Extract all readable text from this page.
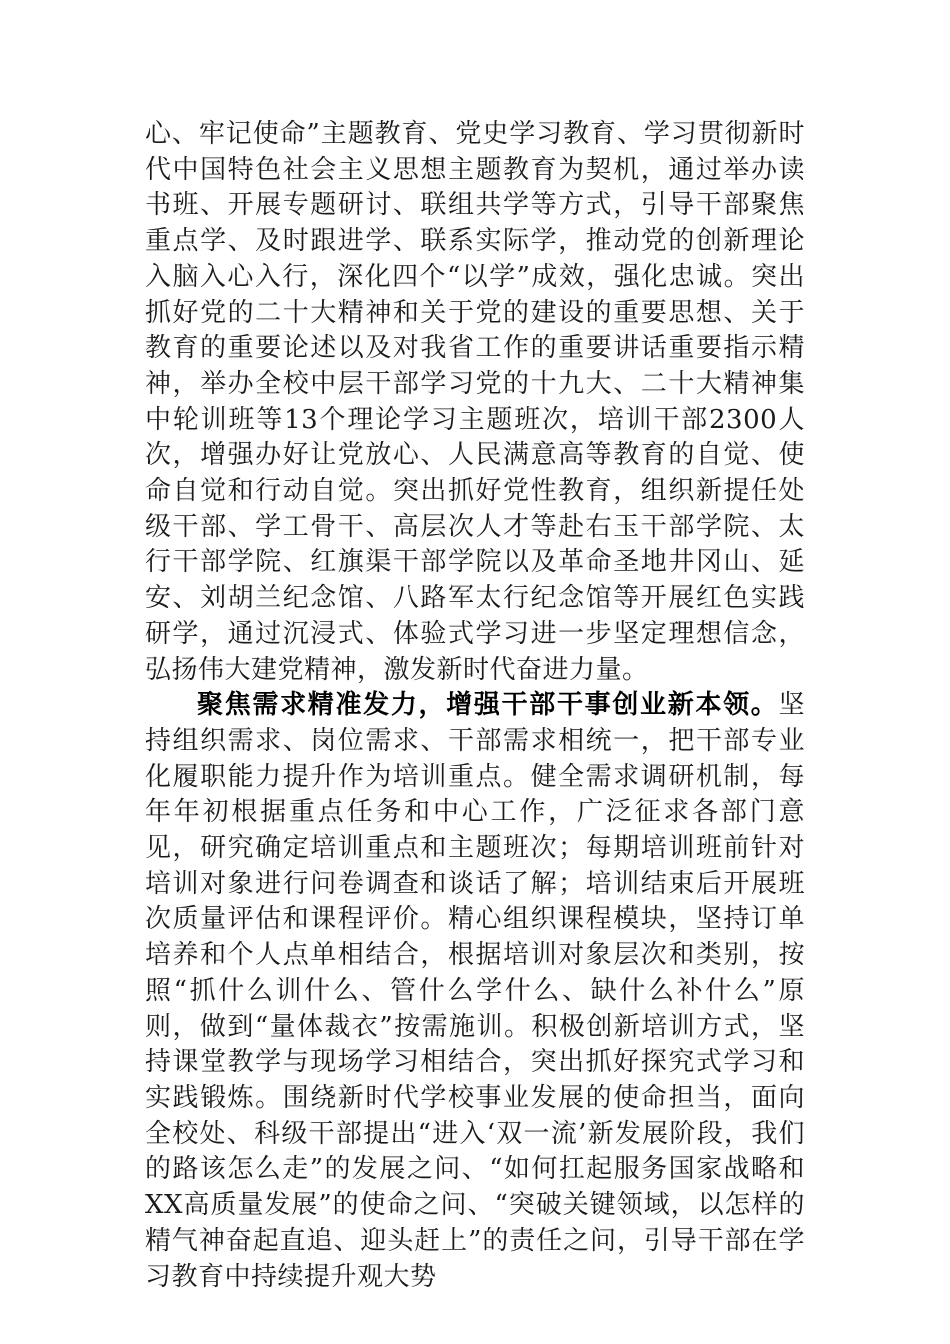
心、牢记使命”主题教育、党史学习教育、学习贯彻新时代中国特色社会主义思想主题教育为契机，通过举办读书班、开展专题研讨、联组共学等方式，引导干部聚焦重点学、及时跟进学、联系实际学，推动党的创新理论入脑入心入行，深化四个“以学”成效，强化忠诚。突出抓好党的二十大精神和关于党的建设的重要思想、关于教育的重要论述以及对我省工作的重要讲话重要指示精神，举办全校中层干部学习党的十九大、二十大精神集中轮训班等13个理论学习主题班次，培训干部2300人次，增强办好让党放心、人民满意高等教育的自觉、使命自觉和行动自觉。突出抓好党性教育，组织新提任处级干部、学工骨干、高层次人才等赴右玉干部学院、太行干部学院、红旗渠干部学院以及革命圣地井冈山、延安、刘胡兰纪念馆、八路军太行纪念馆等开展红色实践研学，通过沉浸式、体验式学习进一步坚定理想信念，弘扬伟大建党精神，激发新时代奋进力量。

聚焦需求精准发力，增强干部干事创业新本领。坚持组织需求、岗位需求、干部需求相统一，把干部专业化履职能力提升作为培训重点。健全需求调研机制，每年年初根据重点任务和中心工作，广泛征求各部门意见，研究确定培训重点和主题班次；每期培训班前针对培训对象进行问卷调查和谈话了解；培训结束后开展班次质量评估和课程评价。精心组织课程模块，坚持订单培养和个人点单相结合，根据培训对象层次和类别，按照“抓什么训什么、管什么学什么、缺什么补什么”原则，做到“量体裁衣”按需施训。积极创新培训方式，坚持课堂教学与现场学习相结合，突出抓好探究式学习和实践锻炼。围绕新时代学校事业发展的使命担当，面向全校处、科级干部提出“进入‘双一流’新发展阶段，我们的路该怎么走”的发展之问、“如何扛起服务国家战略和XX高质量发展”的使命之问、“突破关键领域，以怎样的精气神奋起直追、迎头赶上”的责任之问，引导干部在学习教育中持续提升观大势
